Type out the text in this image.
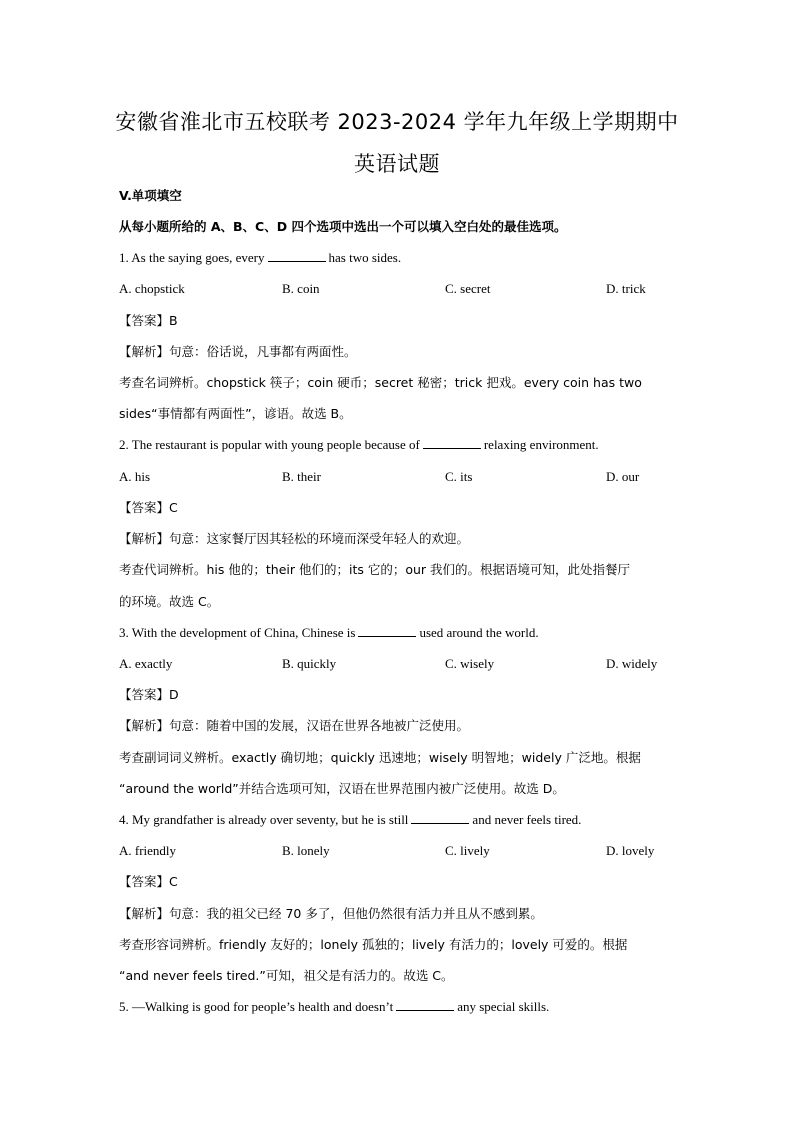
安徽省淮北市五校联考 2023-2024 学年九年级上学期期中
英语试题
V.单项填空
从每小题所给的 A、B、C、D 四个选项中选出一个可以填入空白处的最佳选项。
1. As the saying goes, every	has two sides.
A. chopstick	B. coin	C. secret	D. trick
【答案】B
【解析】句意：俗话说，凡事都有两面性。
考查名词辨析。chopstick 筷子；coin 硬币；secret 秘密；trick 把戏。every coin has two
sides“事情都有两面性”，谚语。故选 B。
2. The restaurant is popular with young people because of	relaxing environment.
A. his	B. their	C. its	D. our
【答案】C
【解析】句意：这家餐厅因其轻松的环境而深受年轻人的欢迎。
考查代词辨析。his 他的；their 他们的；its 它的；our 我们的。根据语境可知，此处指餐厅
的环境。故选 C。
3. With the development of China, Chinese is	used around the world.
A. exactly	B. quickly	C. wisely	D. widely
【答案】D
【解析】句意：随着中国的发展，汉语在世界各地被广泛使用。
考查副词词义辨析。exactly 确切地；quickly 迅速地；wisely 明智地；widely 广泛地。根据
“around the world”并结合选项可知，汉语在世界范围内被广泛使用。故选 D。
4. My grandfather is already over seventy, but he is still	and never feels tired.
A. friendly	B. lonely	C. lively	D. lovely
【答案】C
【解析】句意：我的祖父已经 70 多了，但他仍然很有活力并且从不感到累。
考查形容词辨析。friendly 友好的；lonely 孤独的；lively 有活力的；lovely 可爱的。根据
“and never feels tired.”可知，祖父是有活力的。故选 C。
5. —Walking is good for people’s health and doesn’t	any special skills.
